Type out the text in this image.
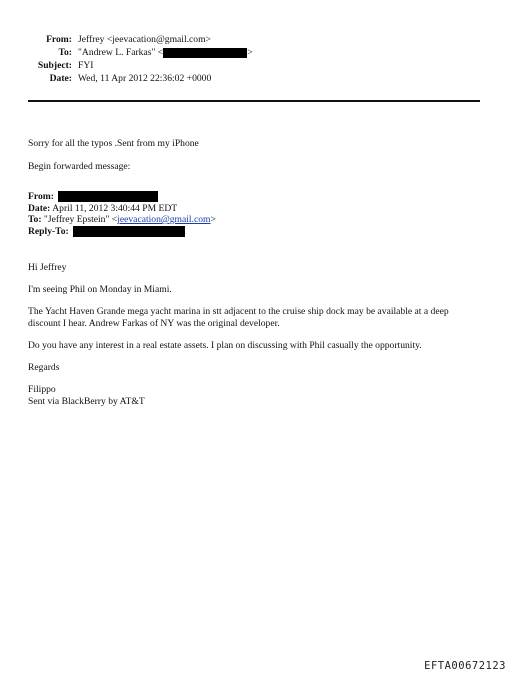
From: Jeffrey <jeevacation@gmail.com>
To: "Andrew L. Farkas" <	>
Subject: FYI
Date: Wed, 11 Apr 2012 22:36:02 +0000
Sorry for all the typos .Sent from my iPhone
Begin forwarded message:
From:
Date: April 11, 2012 3:40:44 PM EDT
To: "Jeffrey Epstein" <jeevacation@gmail.com>
Reply-To:
Hi Jeffrey
I'm seeing Phil on Monday in Miami.
The Yacht Haven Grande mega yacht marina in stt adjacent to the cruise ship dock may be available at a deep discount I hear. Andrew Farkas of NY was the original developer.
Do you have any interest in a real estate assets. I plan on discussing with Phil casually the opportunity.
Regards
Filippo
Sent via BlackBerry by AT&T
EFTA00672123
